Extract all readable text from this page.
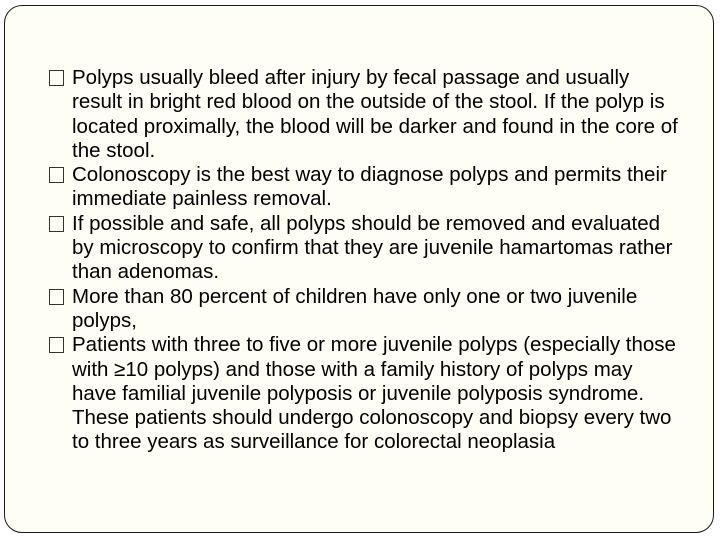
Polyps usually bleed after injury by fecal passage and usually result in bright red blood on the outside of the stool. If the polyp is located proximally, the blood will be darker and found in the core of the stool.
Colonoscopy is the best way to diagnose polyps and permits their immediate painless removal.
If possible and safe, all polyps should be removed and evaluated by microscopy to confirm that they are juvenile hamartomas rather than adenomas.
More than 80 percent of children have only one or two juvenile polyps,
Patients with three to five or more juvenile polyps (especially those with ≥10 polyps) and those with a family history of polyps may have familial juvenile polyposis or juvenile polyposis syndrome. These patients should undergo colonoscopy and biopsy every two to three years as surveillance for colorectal neoplasia
